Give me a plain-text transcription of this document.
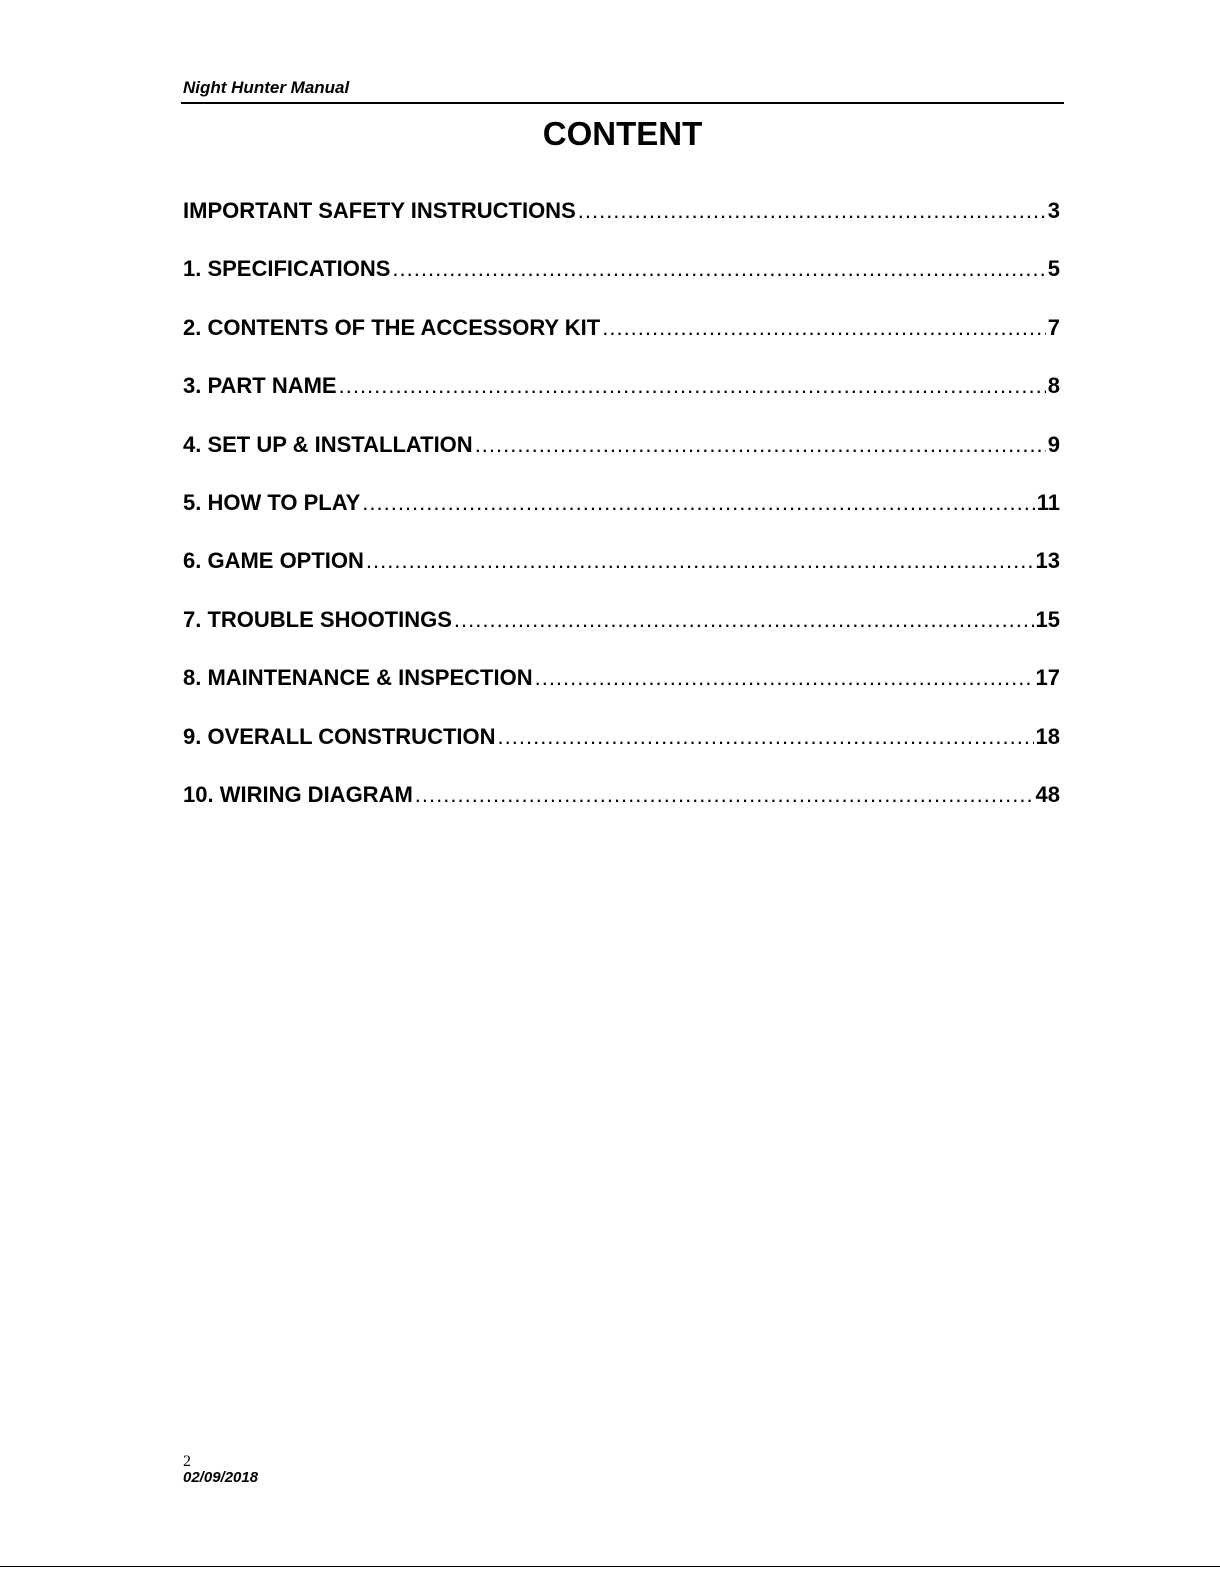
Night Hunter Manual
CONTENT
IMPORTANT SAFETY INSTRUCTIONS .....	3
1. SPECIFICATIONS .....	5
2. CONTENTS OF THE ACCESSORY KIT .....	7
3. PART NAME .....	8
4. SET UP & INSTALLATION .....	9
5. HOW TO PLAY .....	11
6. GAME OPTION .....	13
7. TROUBLE SHOOTINGS .....	15
8. MAINTENANCE & INSPECTION .....	17
9. OVERALL CONSTRUCTION .....	18
10. WIRING DIAGRAM .....	48
2
02/09/2018
